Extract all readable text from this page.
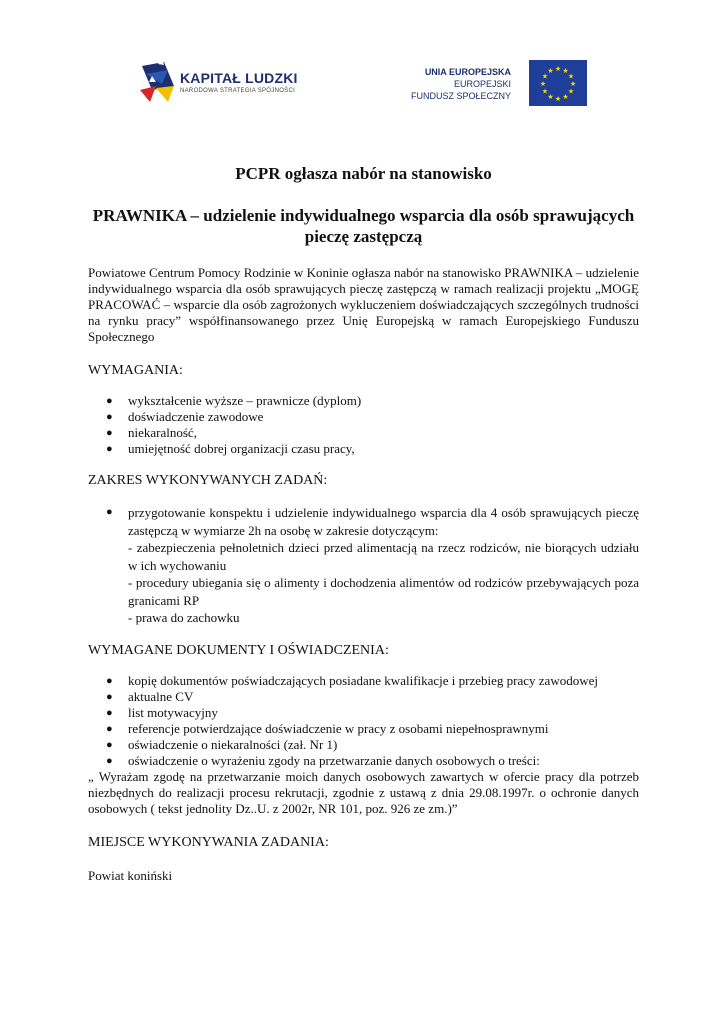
KAPITAŁ LUDZKI
NARODOWA STRATEGIA SPÓJNOŚCI
UNIA EUROPEJSKA
EUROPEJSKI
FUNDUSZ SPOŁECZNY
★ ★
★
★
★
★
★
★
★
★
★
★
PCPR ogłasza nabór na stanowisko
PRAWNIKA – udzielenie indywidualnego wsparcia dla osób sprawujących pieczę zastępczą

Powiatowe Centrum Pomocy Rodzinie w Koninie ogłasza nabór na stanowisko PRAWNIKA – udzielenie indywidualnego wsparcia dla osób sprawujących pieczę zastępczą w ramach realizacji projektu „MOGĘ PRACOWAĆ – wsparcie dla osób zagrożonych wykluczeniem doświadczających szczególnych trudności na rynku pracy” współfinansowanego przez Unię Europejską w ramach Europejskiego Funduszu Społecznego

WYMAGANIA:
● wykształcenie wyższe – prawnicze (dyplom)
● doświadczenie zawodowe
● niekaralność,
● umiejętność dobrej organizacji czasu pracy,
ZAKRES WYKONYWANYCH ZADAŃ:
● przygotowanie konspektu i udzielenie indywidualnego wsparcia dla 4 osób sprawujących pieczę zastępczą w wymiarze 2h na osobę w zakresie dotyczącym:
- zabezpieczenia pełnoletnich dzieci przed alimentacją na rzecz rodziców, nie biorących udziału w ich wychowaniu
- procedury ubiegania się o alimenty i dochodzenia alimentów od rodziców przebywających poza granicami RP
- prawa do zachowku
WYMAGANE DOKUMENTY I OŚWIADCZENIA:
● kopię dokumentów poświadczających posiadane kwalifikacje i przebieg pracy zawodowej
● aktualne CV
● list motywacyjny
● referencje potwierdzające doświadczenie w pracy z osobami niepełnosprawnymi
● oświadczenie o niekaralności (zał. Nr 1)
● oświadczenie o wyrażeniu zgody na przetwarzanie danych osobowych o treści:

„ Wyrażam zgodę na przetwarzanie moich danych osobowych zawartych w ofercie pracy dla potrzeb niezbędnych do realizacji procesu rekrutacji, zgodnie z ustawą z dnia 29.08.1997r. o ochronie danych osobowych ( tekst jednolity Dz..U. z 2002r, NR 101, poz. 926 ze zm.)”

MIEJSCE WYKONYWANIA ZADANIA:

Powiat koniński
